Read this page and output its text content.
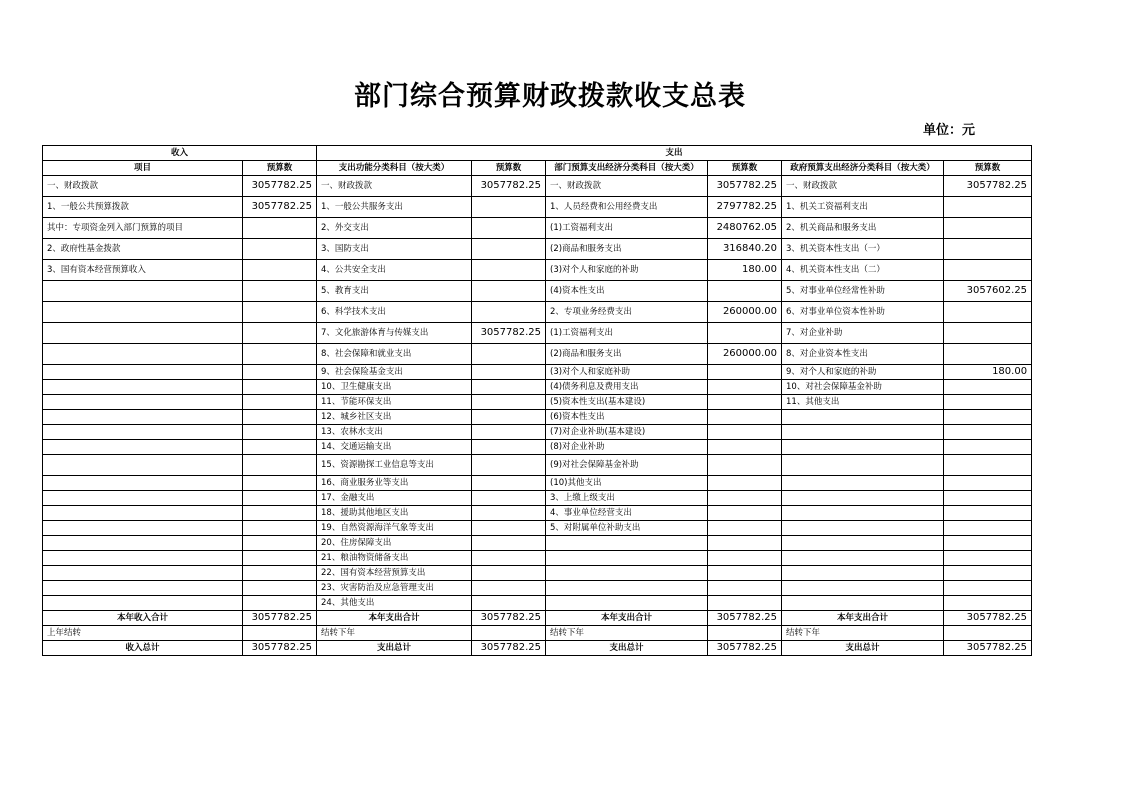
部门综合预算财政拨款收支总表
单位：元
收入		支出					
项目	预算数	支出功能分类科目（按大类）	预算数	部门预算支出经济分类科目（按大类）	预算数	政府预算支出经济分类科目（按大类）	预算数
一、财政拨款	3057782.25	一、财政拨款	3057782.25	一、财政拨款	3057782.25	一、财政拨款	3057782.25
1、一般公共预算拨款	3057782.25	1、一般公共服务支出		1、人员经费和公用经费支出	2797782.25	1、机关工资福利支出	
其中：专项资金列入部门预算的项目		2、外交支出		(1)工资福利支出	2480762.05	2、机关商品和服务支出	
2、政府性基金拨款		3、国防支出		(2)商品和服务支出	316840.20	3、机关资本性支出（一）	
3、国有资本经营预算收入		4、公共安全支出		(3)对个人和家庭的补助	180.00	4、机关资本性支出（二）	
		5、教育支出		(4)资本性支出		5、对事业单位经常性补助	3057602.25
		6、科学技术支出		2、专项业务经费支出	260000.00	6、对事业单位资本性补助	
		7、文化旅游体育与传媒支出	3057782.25	(1)工资福利支出		7、对企业补助	
		8、社会保障和就业支出		(2)商品和服务支出	260000.00	8、对企业资本性支出	
		9、社会保险基金支出		(3)对个人和家庭补助		9、对个人和家庭的补助	180.00
		10、卫生健康支出		(4)债务利息及费用支出		10、对社会保障基金补助	
		11、节能环保支出		(5)资本性支出(基本建设)		11、其他支出	
		12、城乡社区支出		(6)资本性支出			
		13、农林水支出		(7)对企业补助(基本建设)			
		14、交通运输支出		(8)对企业补助			
		15、资源勘探工业信息等支出		(9)对社会保障基金补助			
		16、商业服务业等支出		(10)其他支出			
		17、金融支出		3、上缴上级支出			
		18、援助其他地区支出		4、事业单位经营支出			
		19、自然资源海洋气象等支出		5、对附属单位补助支出			
		20、住房保障支出					
		21、粮油物资储备支出					
		22、国有资本经营预算支出					
		23、灾害防治及应急管理支出					
		24、其他支出					
本年收入合计	3057782.25	本年支出合计	3057782.25	本年支出合计	3057782.25	本年支出合计	3057782.25
上年结转		结转下年		结转下年		结转下年	
收入总计	3057782.25	支出总计	3057782.25	支出总计	3057782.25	支出总计	3057782.25
